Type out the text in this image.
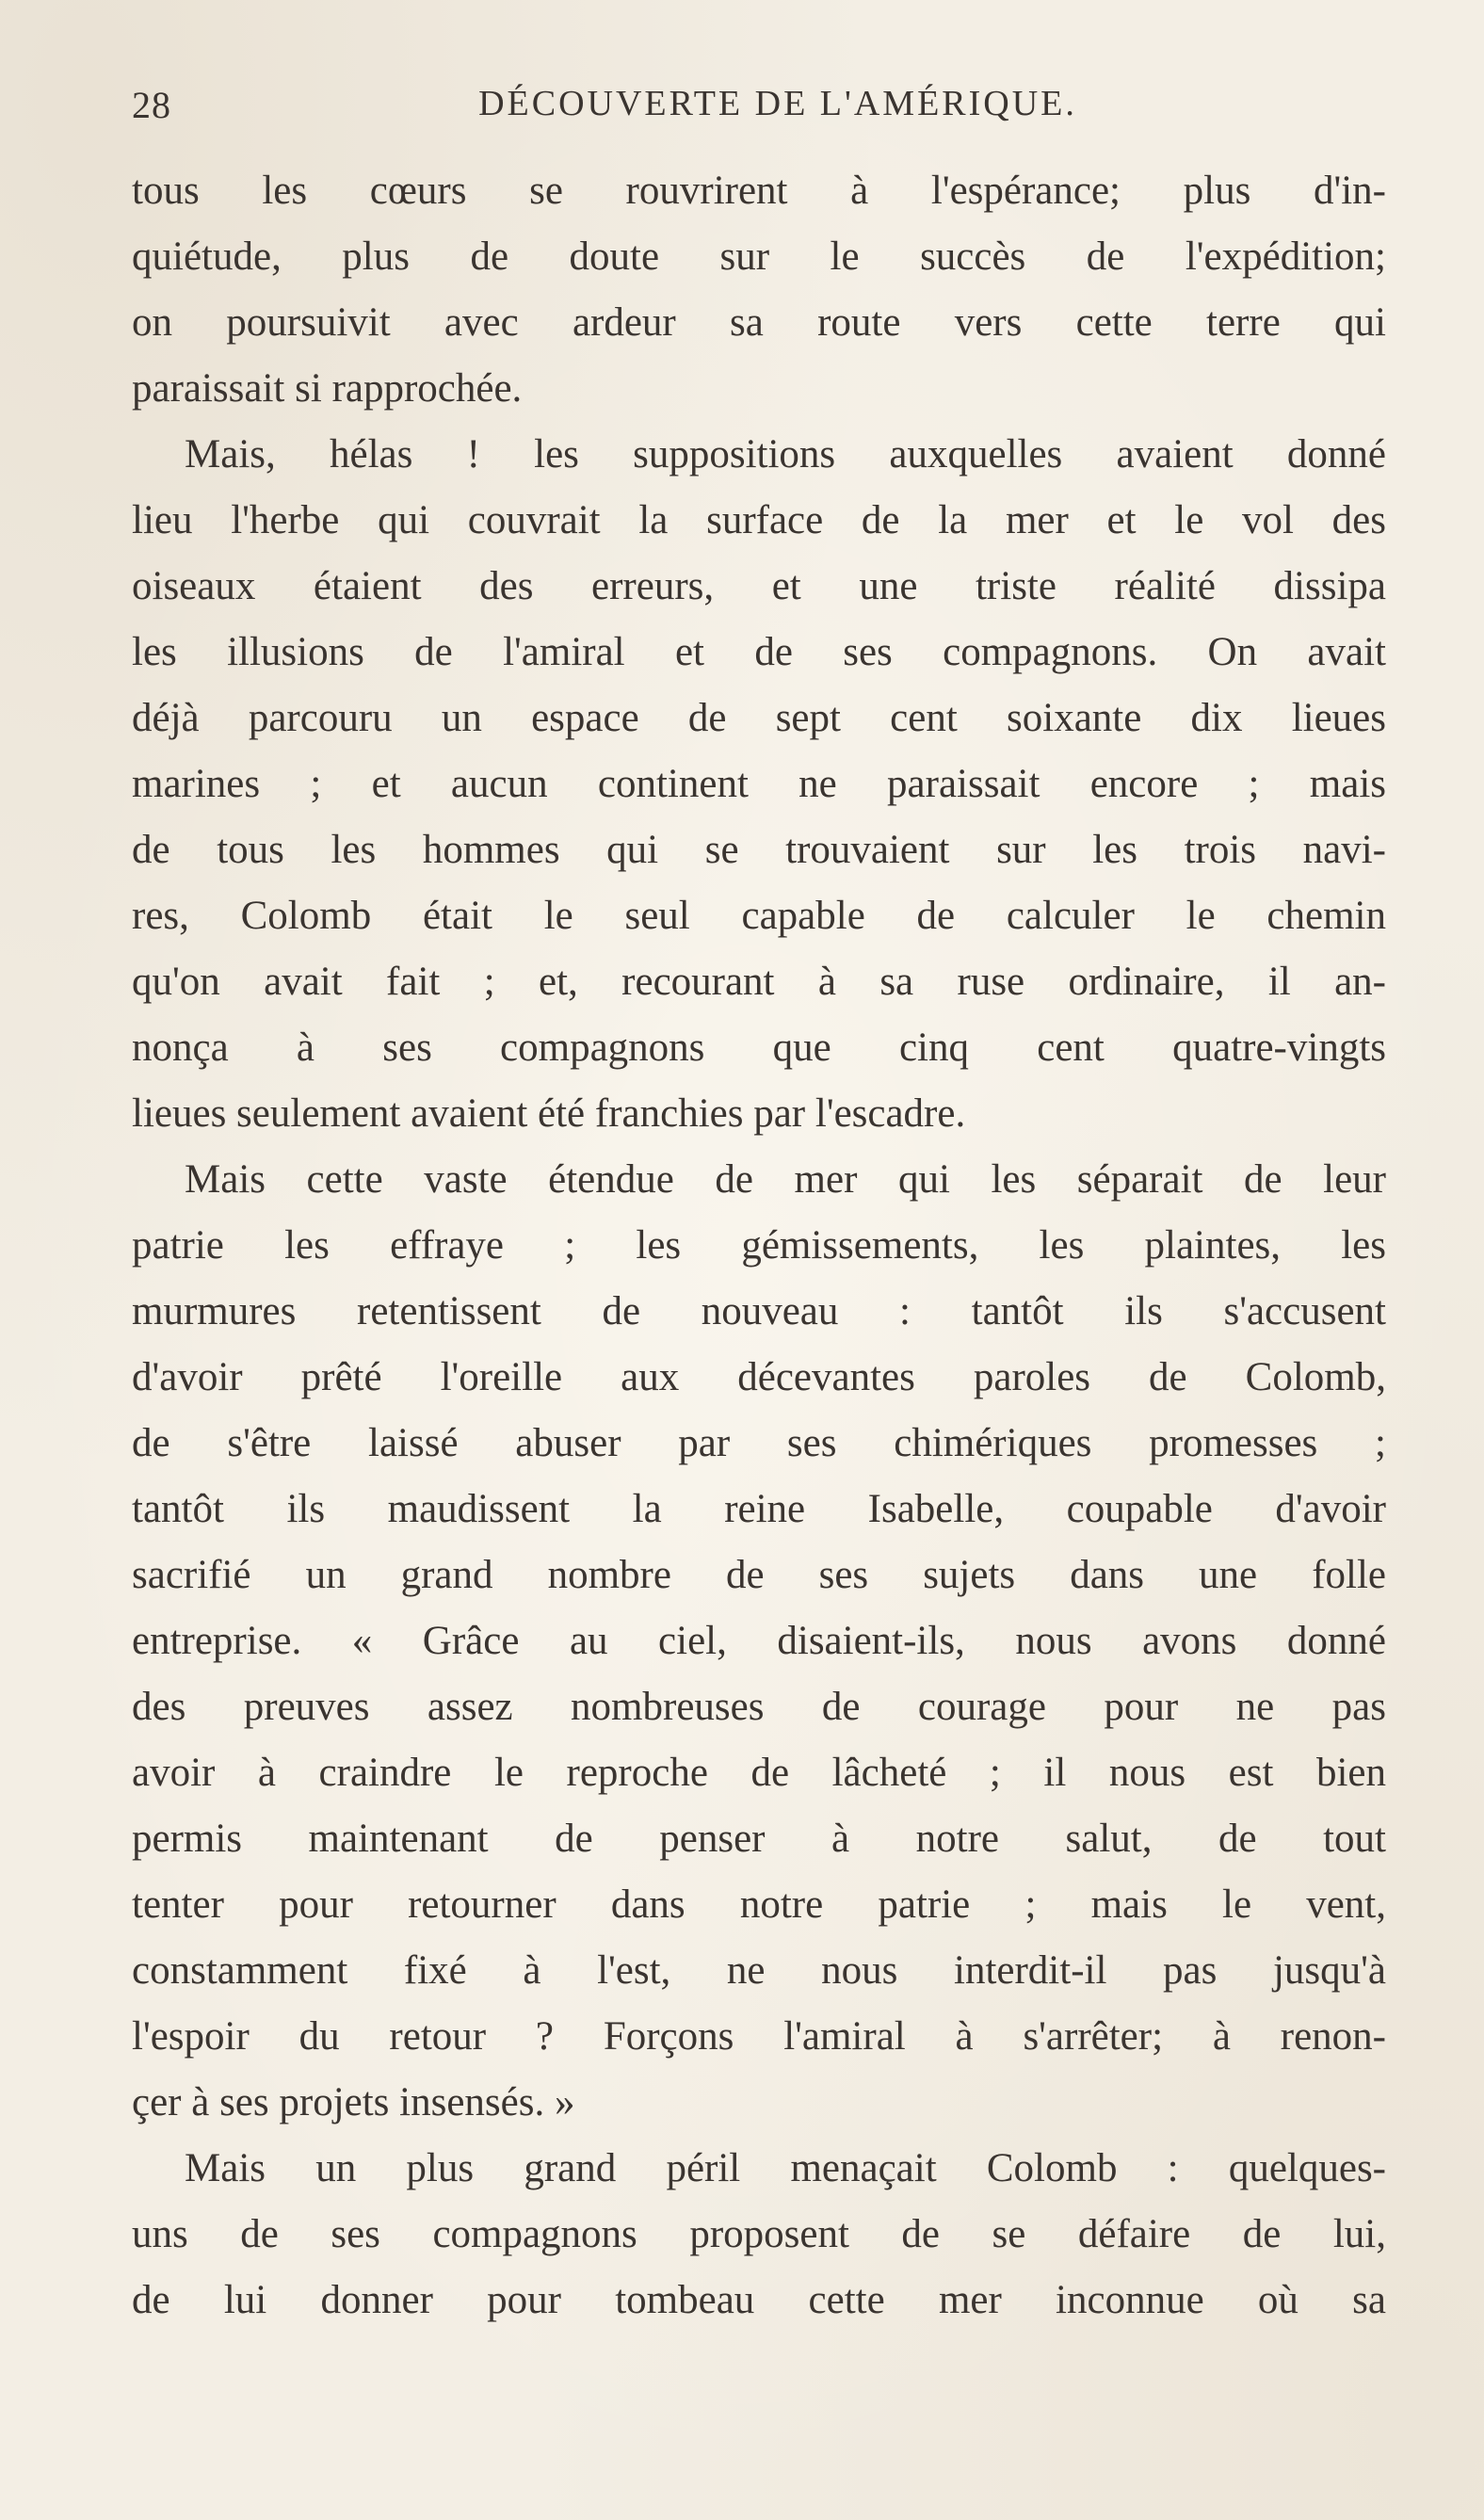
28	DÉCOUVERTE DE L'AMÉRIQUE.
tous les cœurs se rouvrirent à l'espérance; plus d'in-
quiétude, plus de doute sur le succès de l'expédition;
on poursuivit avec ardeur sa route vers cette terre qui
paraissait si rapprochée.
Mais, hélas ! les suppositions auxquelles avaient donné
lieu l'herbe qui couvrait la surface de la mer et le vol des
oiseaux étaient des erreurs, et une triste réalité dissipa
les illusions de l'amiral et de ses compagnons. On avait
déjà parcouru un espace de sept cent soixante dix lieues
marines ; et aucun continent ne paraissait encore ; mais
de tous les hommes qui se trouvaient sur les trois navi-
res, Colomb était le seul capable de calculer le chemin
qu'on avait fait ; et, recourant à sa ruse ordinaire, il an-
nonça à ses compagnons que cinq cent quatre-vingts
lieues seulement avaient été franchies par l'escadre.
Mais cette vaste étendue de mer qui les séparait de leur
patrie les effraye ; les gémissements, les plaintes, les
murmures retentissent de nouveau : tantôt ils s'accusent
d'avoir prêté l'oreille aux décevantes paroles de Colomb,
de s'être laissé abuser par ses chimériques promesses ;
tantôt ils maudissent la reine Isabelle, coupable d'avoir
sacrifié un grand nombre de ses sujets dans une folle
entreprise. « Grâce au ciel, disaient-ils, nous avons donné
des preuves assez nombreuses de courage pour ne pas
avoir à craindre le reproche de lâcheté ; il nous est bien
permis maintenant de penser à notre salut, de tout
tenter pour retourner dans notre patrie ; mais le vent,
constamment fixé à l'est, ne nous interdit-il pas jusqu'à
l'espoir du retour ? Forçons l'amiral à s'arrêter; à renon-
çer à ses projets insensés. »
Mais un plus grand péril menaçait Colomb : quelques-
uns de ses compagnons proposent de se défaire de lui,
de lui donner pour tombeau cette mer inconnue où sa
